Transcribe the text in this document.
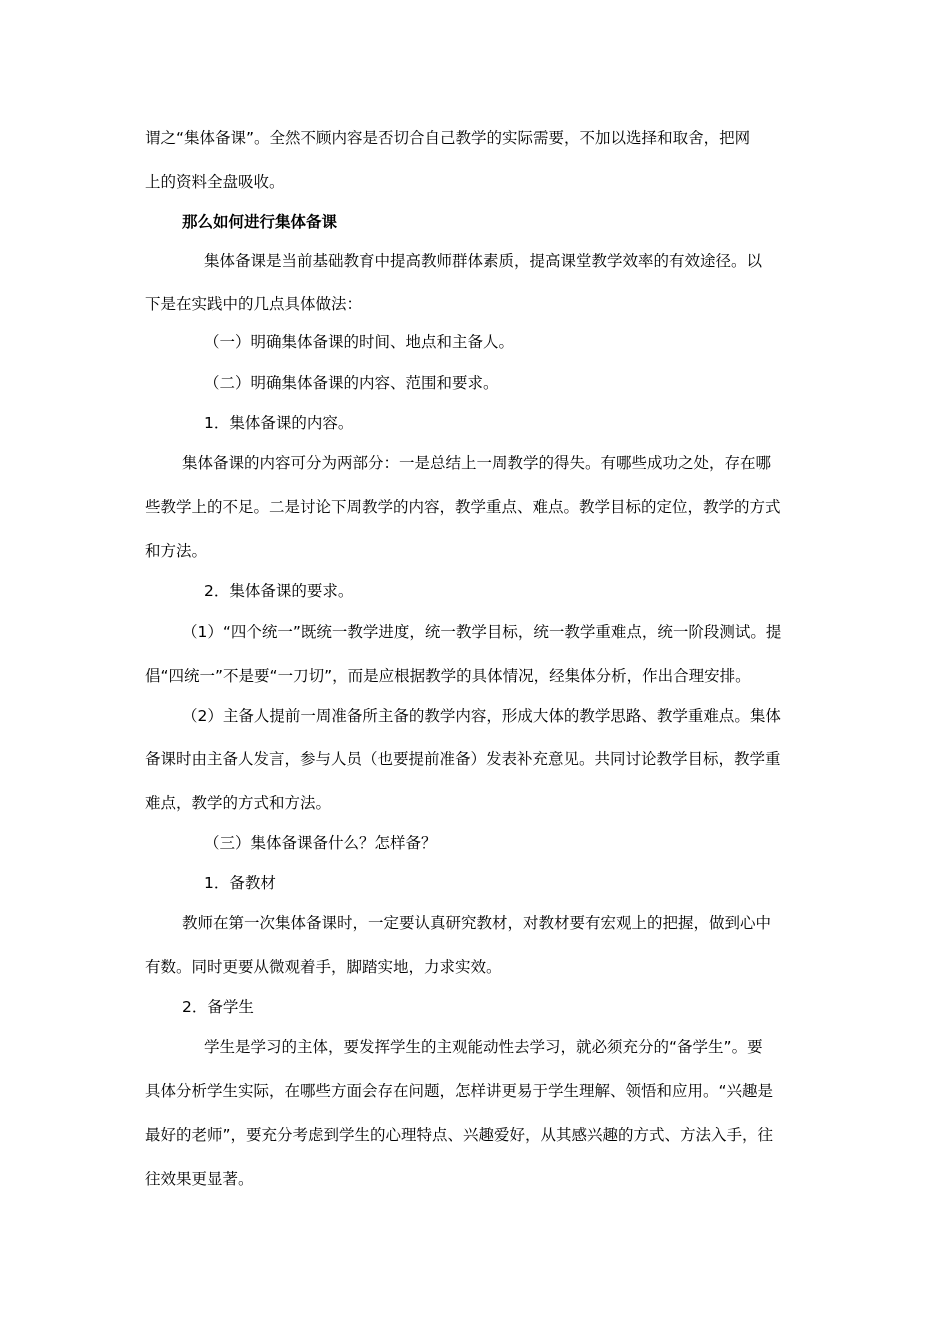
谓之“集体备课”。全然不顾内容是否切合自己教学的实际需要，不加以选择和取舍，把网
上的资料全盘吸收。
那么如何进行集体备课
集体备课是当前基础教育中提高教师群体素质，提高课堂教学效率的有效途径。以
下是在实践中的几点具体做法：
（一）明确集体备课的时间、地点和主备人。
（二）明确集体备课的内容、范围和要求。
1．集体备课的内容。
集体备课的内容可分为两部分：一是总结上一周教学的得失。有哪些成功之处，存在哪
些教学上的不足。二是讨论下周教学的内容，教学重点、难点。教学目标的定位，教学的方式
和方法。
2．集体备课的要求。
（1）“四个统一”既统一教学进度，统一教学目标，统一教学重难点，统一阶段测试。提
倡“四统一”不是要“一刀切”，而是应根据教学的具体情况，经集体分析，作出合理安排。
（2）主备人提前一周准备所主备的教学内容，形成大体的教学思路、教学重难点。集体
备课时由主备人发言，参与人员（也要提前准备）发表补充意见。共同讨论教学目标，教学重
难点，教学的方式和方法。
（三）集体备课备什么？怎样备？
1．备教材
教师在第一次集体备课时，一定要认真研究教材，对教材要有宏观上的把握，做到心中
有数。同时更要从微观着手，脚踏实地，力求实效。
2．备学生
学生是学习的主体，要发挥学生的主观能动性去学习，就必须充分的“备学生”。要
具体分析学生实际，在哪些方面会存在问题，怎样讲更易于学生理解、领悟和应用。“兴趣是
最好的老师”，要充分考虑到学生的心理特点、兴趣爱好，从其感兴趣的方式、方法入手，往
往效果更显著。
